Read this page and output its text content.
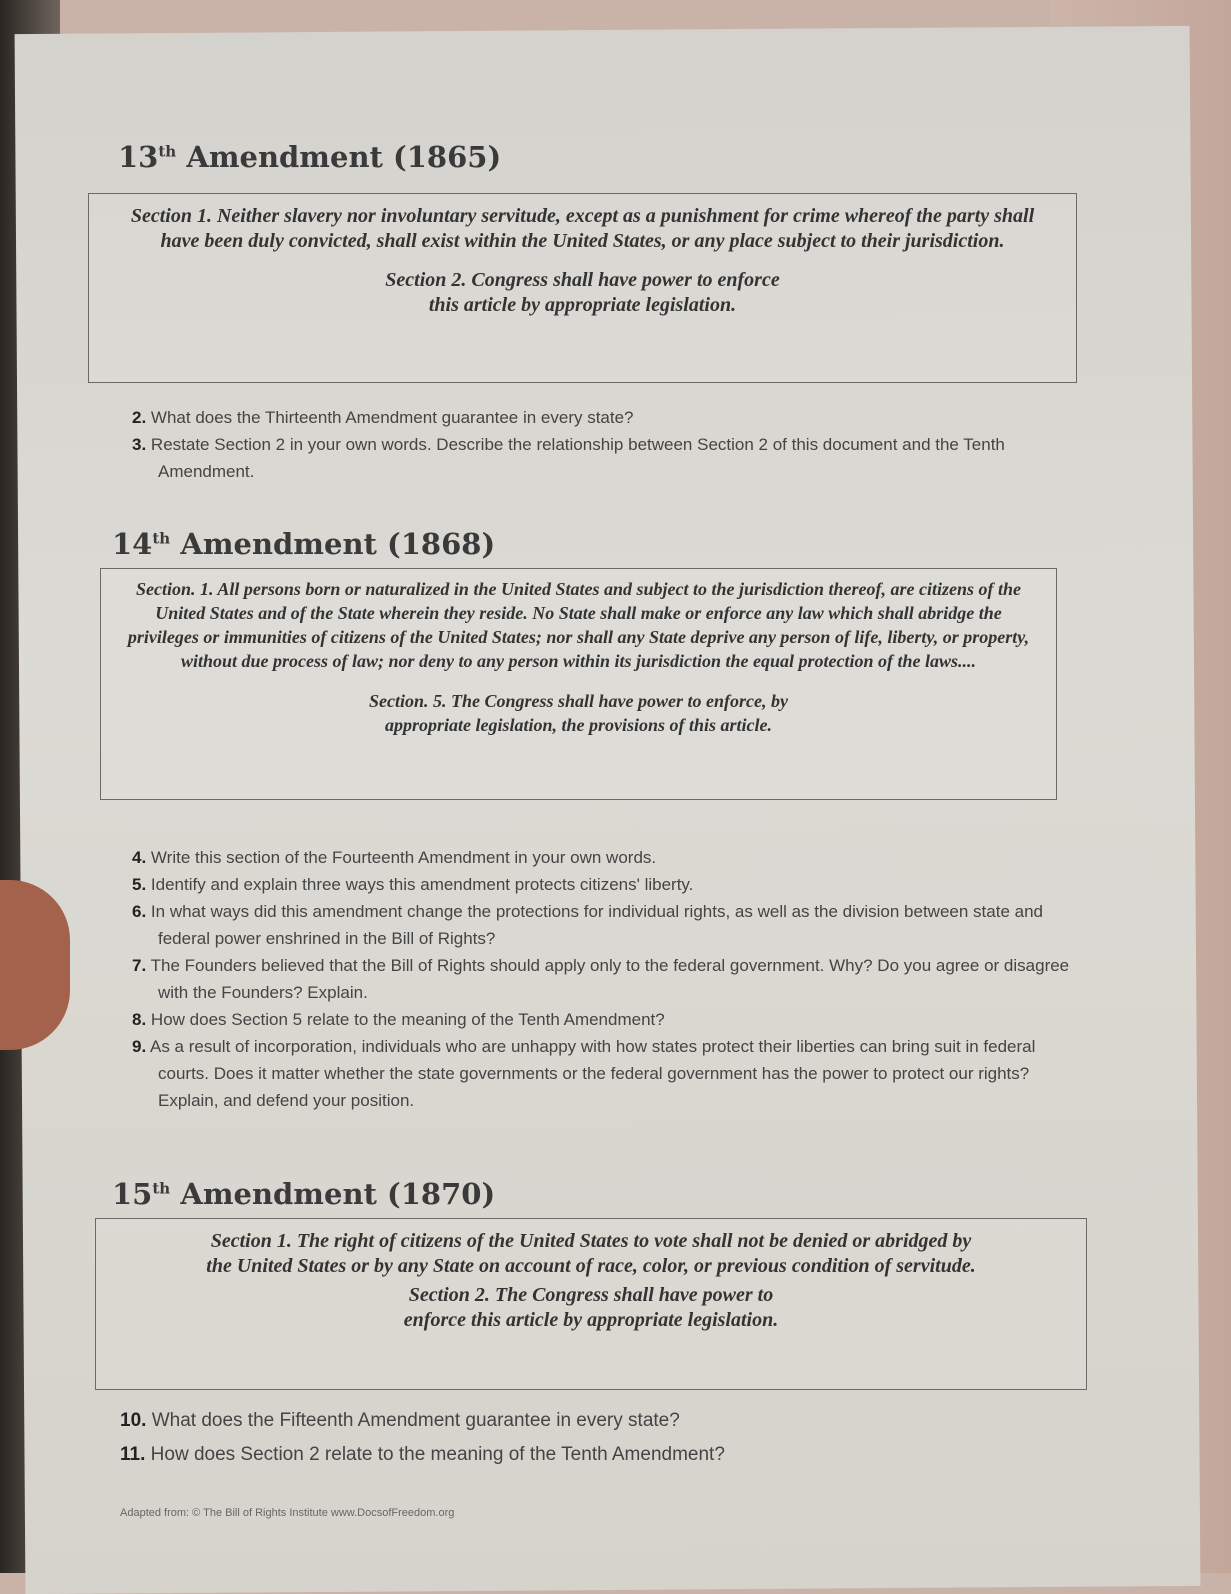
13th Amendment (1865)
Section 1. Neither slavery nor involuntary servitude, except as a punishment for crime whereof the party shall have been duly convicted, shall exist within the United States, or any place subject to their jurisdiction.
Section 2. Congress shall have power to enforce this article by appropriate legislation.
2. What does the Thirteenth Amendment guarantee in every state?
3. Restate Section 2 in your own words. Describe the relationship between Section 2 of this document and the Tenth Amendment.
14th Amendment (1868)
Section. 1. All persons born or naturalized in the United States and subject to the jurisdiction thereof, are citizens of the United States and of the State wherein they reside. No State shall make or enforce any law which shall abridge the privileges or immunities of citizens of the United States; nor shall any State deprive any person of life, liberty, or property, without due process of law; nor deny to any person within its jurisdiction the equal protection of the laws....
Section. 5. The Congress shall have power to enforce, by appropriate legislation, the provisions of this article.
4. Write this section of the Fourteenth Amendment in your own words.
5. Identify and explain three ways this amendment protects citizens' liberty.
6. In what ways did this amendment change the protections for individual rights, as well as the division between state and federal power enshrined in the Bill of Rights?
7. The Founders believed that the Bill of Rights should apply only to the federal government. Why? Do you agree or disagree with the Founders? Explain.
8. How does Section 5 relate to the meaning of the Tenth Amendment?
9. As a result of incorporation, individuals who are unhappy with how states protect their liberties can bring suit in federal courts. Does it matter whether the state governments or the federal government has the power to protect our rights? Explain, and defend your position.
15th Amendment (1870)
Section 1. The right of citizens of the United States to vote shall not be denied or abridged by the United States or by any State on account of race, color, or previous condition of servitude.
Section 2. The Congress shall have power to enforce this article by appropriate legislation.
10. What does the Fifteenth Amendment guarantee in every state?
11. How does Section 2 relate to the meaning of the Tenth Amendment?
Adapted from: © The Bill of Rights Institute www.DocsofFreedom.org
